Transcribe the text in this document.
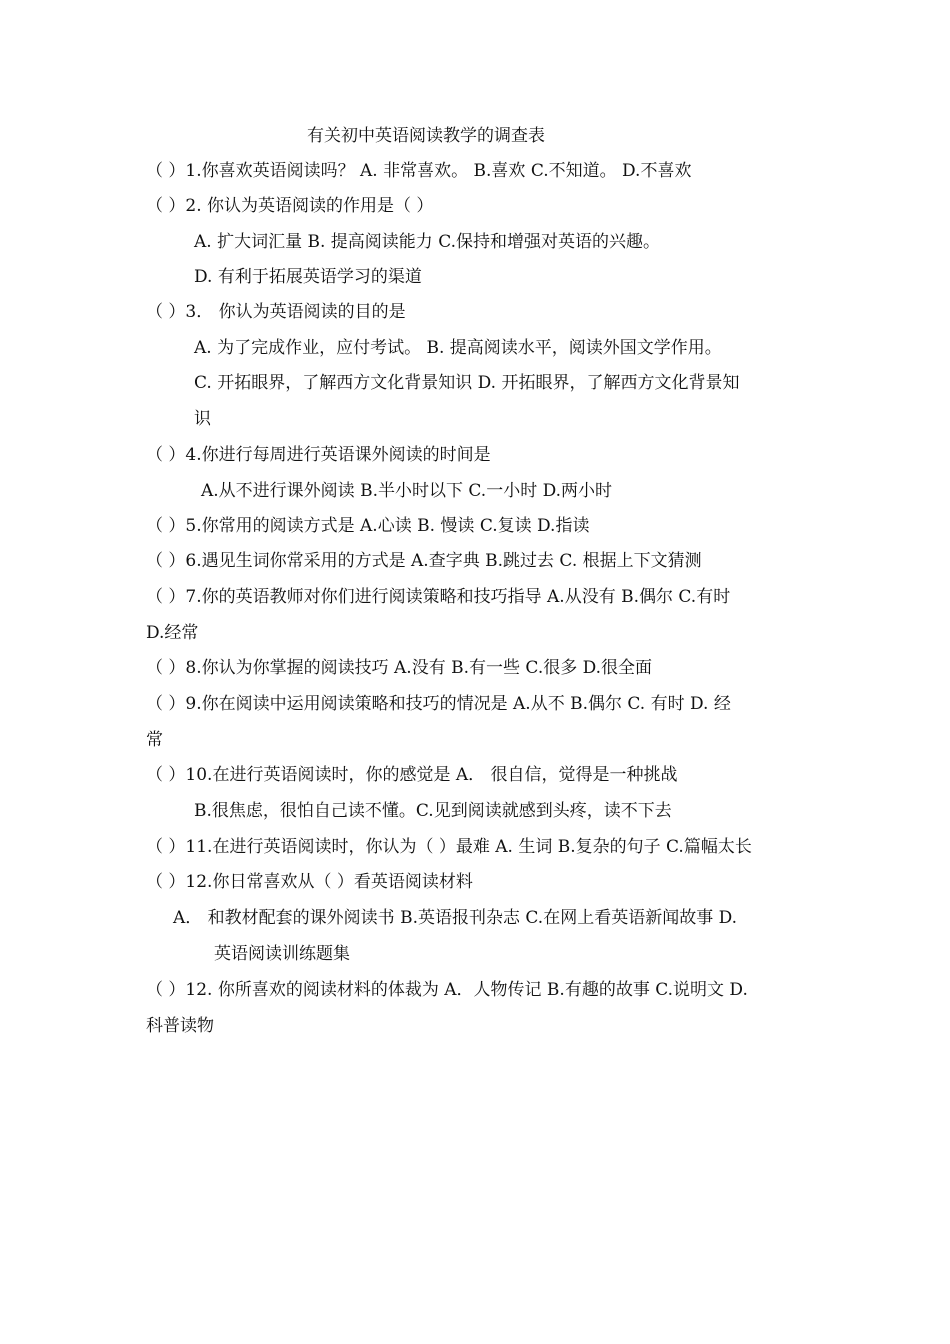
有关初中英语阅读教学的调查表
（ ）1.你喜欢英语阅读吗？ A. 非常喜欢。 B.喜欢 C.不知道。 D.不喜欢
（ ）2. 你认为英语阅读的作用是（ ）
A. 扩大词汇量 B. 提高阅读能力 C.保持和增强对英语的兴趣。
D. 有利于拓展英语学习的渠道
（ ）3． 你认为英语阅读的目的是
A. 为了完成作业，应付考试。 B. 提高阅读水平，阅读外国文学作用。
C. 开拓眼界，了解西方文化背景知识 D. 开拓眼界，了解西方文化背景知
识
（ ）4.你进行每周进行英语课外阅读的时间是
A.从不进行课外阅读 B.半小时以下 C.一小时 D.两小时
（ ）5.你常用的阅读方式是 A.心读 B. 慢读 C.复读 D.指读
（ ）6.遇见生词你常采用的方式是 A.查字典 B.跳过去 C. 根据上下文猜测
（ ）7.你的英语教师对你们进行阅读策略和技巧指导 A.从没有 B.偶尔 C.有时
D.经常
（ ）8.你认为你掌握的阅读技巧 A.没有 B.有一些 C.很多 D.很全面
（ ）9.你在阅读中运用阅读策略和技巧的情况是 A.从不 B.偶尔 C. 有时 D. 经
常
（ ）10.在进行英语阅读时，你的感觉是 A． 很自信，觉得是一种挑战
B.很焦虑，很怕自己读不懂。C.见到阅读就感到头疼，读不下去
（ ）11.在进行英语阅读时，你认为（ ）最难 A. 生词 B.复杂的句子 C.篇幅太长
（ ）12.你日常喜欢从（ ）看英语阅读材料
A． 和教材配套的课外阅读书 B.英语报刊杂志 C.在网上看英语新闻故事 D.
英语阅读训练题集
（ ）12. 你所喜欢的阅读材料的体裁为 A．人物传记 B.有趣的故事 C.说明文 D.
科普读物
